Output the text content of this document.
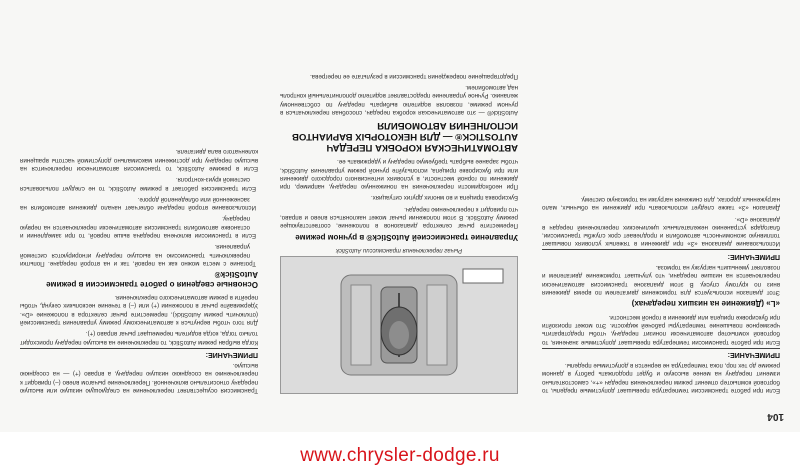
104

Если при работе трансмиссии температура превышает допустимые пределы, то бортовой компьютер отменит режим переключения передач «+», самостоятельно изменит передачу на менее высокую и будет продолжать работу в данном режиме до тех пор, пока температура не вернется в допустимые пределы.

ПРИМЕЧАНИЕ:

Если при работе трансмиссии температура превышает допустимые значения, то бортовой компьютер автоматически понизит передачу, чтобы предотвратить чрезмерное повышение температуры рабочей жидкости. Это может произойти при буксировке прицепа или движении в горной местности.

«L» (Движение на низших передачах)

Этот диапазон используется для торможения двигателем по время движения вниз по крутому спуску. В этом диапазоне трансмиссия автоматически переключается на низшие передачи, что улучшает торможение двигателем и позволяет уменьшить нагрузку на тормоза.

ПРИМЕЧАНИЕ:

Использование диапазона «3» при движении в тяжелых условиях повышает топливную экономичность автомобиля и продлевает срок службы трансмиссии, благодаря устранению нежелательных циклических переключений передач в диапазоне «D».

Диапазон «3» также следует использовать при движении на обычных, мало нагруженных дорогах, для снижения нагрузки на тормозную систему.

Рычаг переключения трансмиссии AutoStick
Управление трансмиссией AutoStick® в ручном режиме

Переместите рычаг селектора диапазонов в положение, соответствующее режиму AutoStick. В этом положении рычаг может наклоняться влево и вправо, что приводит к переключению передач.

Буксировка прицепа и во многих других ситуациях.

При необходимости переключения на пониженную передачу, например, при движении по горной местности, в условиях интенсивного городского движения или при буксировке прицепа, используйте ручной режим управления AutoStick, чтобы заранее выбрать требуемую передачу и удерживать ее.

АВТОМАТИЧЕСКАЯ КОРОБКА ПЕРЕДАЧ AUTOSTICK® — ДЛЯ НЕКОТОРЫХ ВАРИАНТОВ ИСПОЛНЕНИЯ АВТОМОБИЛЯ

AutoStick® — это автоматическая коробка передач, способная переключаться в ручном режиме, позволяя водителю выбирать передачу по собственному желанию. Ручное управление предоставляет водителю дополнительный контроль над автомобилем.

Предотвращение повреждения трансмиссии в результате ее перегрева.

Трансмиссия осуществляет переключение на следующую низшую или высшую передачу относительно включенной. Переключение рычагом влево (–) приводит к переключению на соседнюю низшую передачу, а вправо (+) — на соседнюю высшую.

ПРИМЕЧАНИЕ:

Когда выбран режим AutoStick, то переключение на высшую передачу происходит только тогда, когда водитель перемещает рычаг вправо (+).

Для того чтобы вернуться к автоматическому режиму управления трансмиссией (отключить режим AutoStick), переместите рычаг селектора в положение «D». Удерживайте рычаг в положении (+) или (–) в течение нескольких секунд, чтобы перейти в режим автоматического переключения.

Основные сведения о работе трансмиссии в режиме AutoStick®

Трогание с места можно как на первой, так и на второй передаче. Попытки перевключить трансмиссию на высшую передачу игнорируются системой управления.

Если в трансмиссии включена передача выше первой, то при замедлении и остановке автомобиля трансмиссия автоматически переключается на первую передачу.

Использование второй передачи облегчает начало движения автомобиля на заснеженной или обледенелой дороге.

Если трансмиссия работает в режиме AutoStick, то не следует пользоваться системой круиз-контроля.

Если в режиме AutoStick, то трансмиссия автоматически переключится на высшую передачу при достижении максимально допустимой частоты вращения коленчатого вала двигателя.

www.chrysler-dodge.ru
